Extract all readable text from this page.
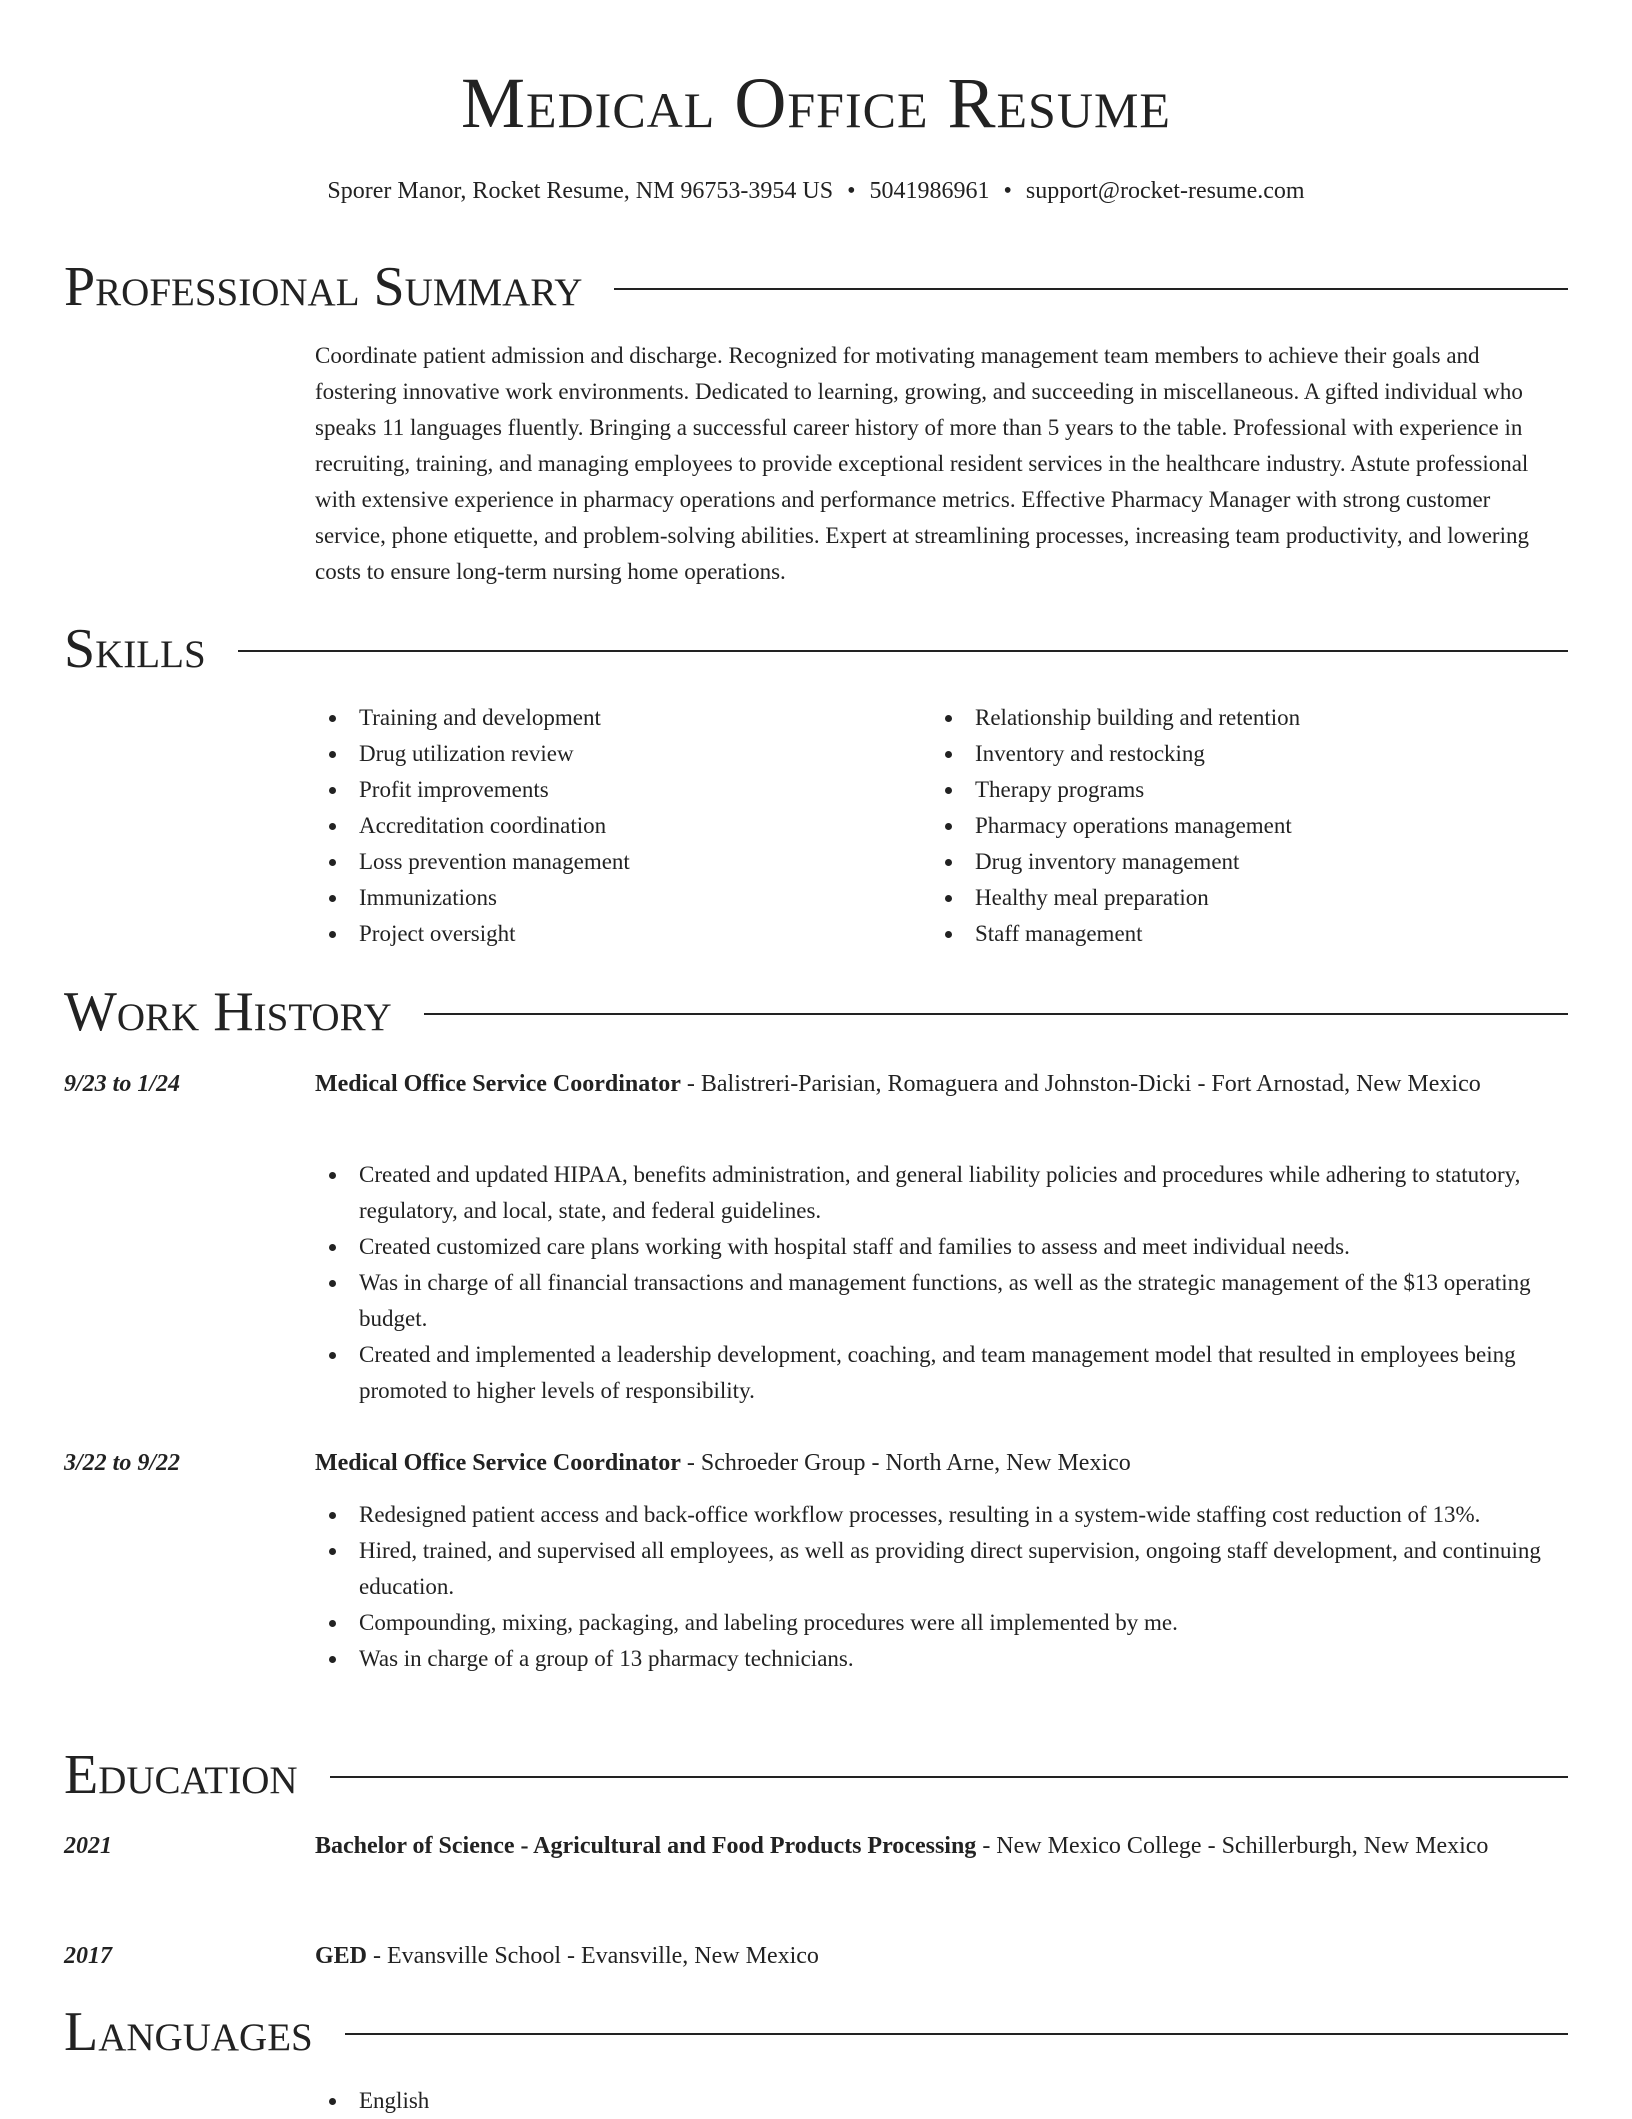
Medical Office Resume
Sporer Manor, Rocket Resume, NM 96753-3954 US • 5041986961 • support@rocket-resume.com
Professional Summary
Coordinate patient admission and discharge. Recognized for motivating management team members to achieve their goals and fostering innovative work environments. Dedicated to learning, growing, and succeeding in miscellaneous. A gifted individual who speaks 11 languages fluently. Bringing a successful career history of more than 5 years to the table. Professional with experience in recruiting, training, and managing employees to provide exceptional resident services in the healthcare industry. Astute professional with extensive experience in pharmacy operations and performance metrics. Effective Pharmacy Manager with strong customer service, phone etiquette, and problem-solving abilities. Expert at streamlining processes, increasing team productivity, and lowering costs to ensure long-term nursing home operations.
Skills
Training and development
Drug utilization review
Profit improvements
Accreditation coordination
Loss prevention management
Immunizations
Project oversight
Relationship building and retention
Inventory and restocking
Therapy programs
Pharmacy operations management
Drug inventory management
Healthy meal preparation
Staff management
Work History
9/23 to 1/24	Medical Office Service Coordinator - Balistreri-Parisian, Romaguera and Johnston-Dicki - Fort Arnostad, New Mexico
Created and updated HIPAA, benefits administration, and general liability policies and procedures while adhering to statutory, regulatory, and local, state, and federal guidelines.
Created customized care plans working with hospital staff and families to assess and meet individual needs.
Was in charge of all financial transactions and management functions, as well as the strategic management of the $13 operating budget.
Created and implemented a leadership development, coaching, and team management model that resulted in employees being promoted to higher levels of responsibility.
3/22 to 9/22	Medical Office Service Coordinator - Schroeder Group - North Arne, New Mexico
Redesigned patient access and back-office workflow processes, resulting in a system-wide staffing cost reduction of 13%.
Hired, trained, and supervised all employees, as well as providing direct supervision, ongoing staff development, and continuing education.
Compounding, mixing, packaging, and labeling procedures were all implemented by me.
Was in charge of a group of 13 pharmacy technicians.
Education
2021	Bachelor of Science - Agricultural and Food Products Processing - New Mexico College - Schillerburgh, New Mexico
2017	GED - Evansville School - Evansville, New Mexico
Languages
English
